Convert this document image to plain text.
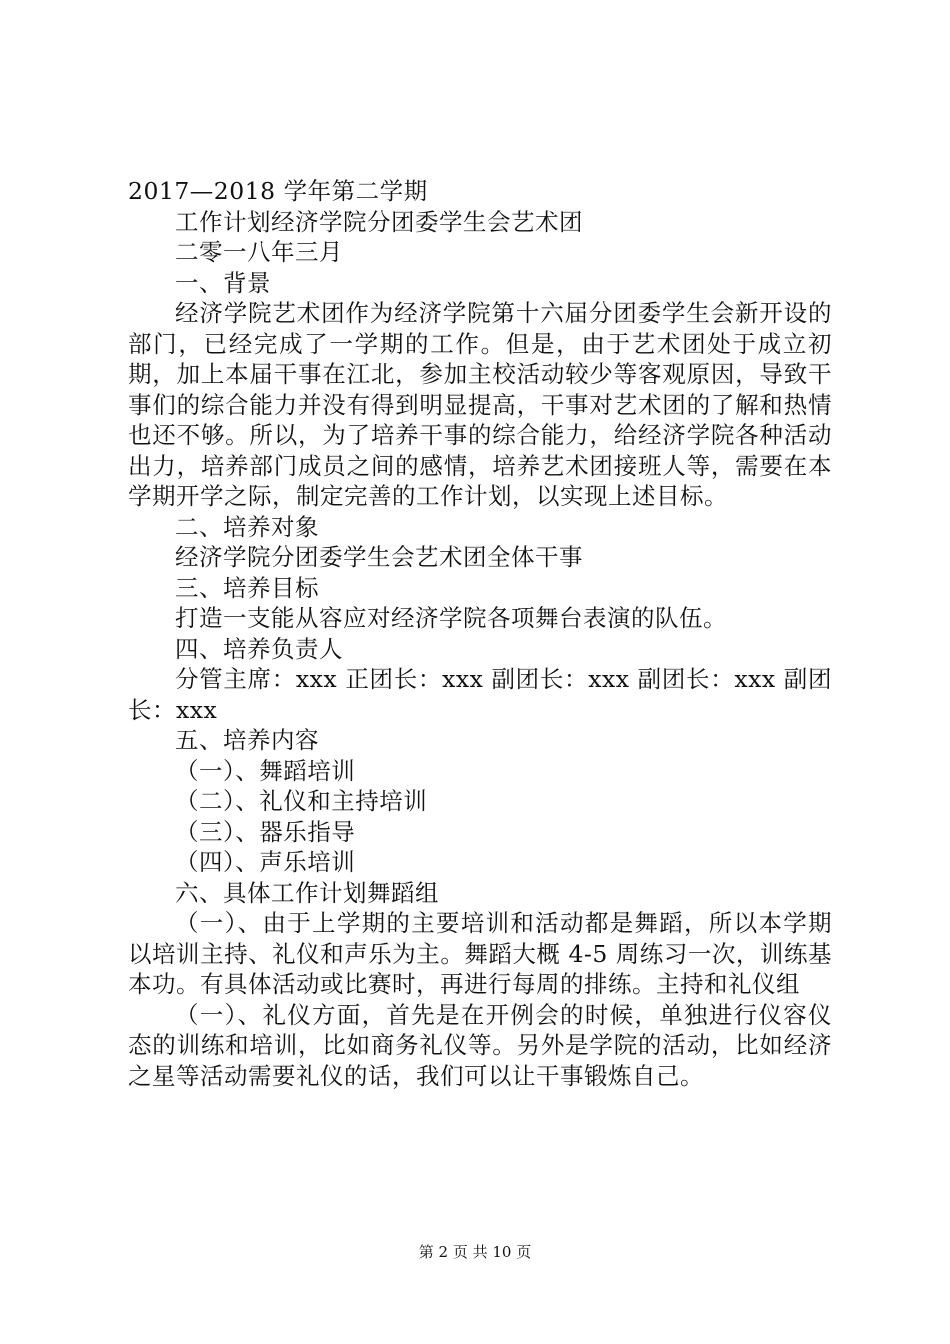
2017—2018 学年第二学期
工作计划经济学院分团委学生会艺术团
二零一八年三月
一、背景
经济学院艺术团作为经济学院第十六届分团委学生会新开设的部门，已经完成了一学期的工作。但是，由于艺术团处于成立初期，加上本届干事在江北，参加主校活动较少等客观原因，导致干事们的综合能力并没有得到明显提高，干事对艺术团的了解和热情也还不够。所以，为了培养干事的综合能力，给经济学院各种活动出力，培养部门成员之间的感情，培养艺术团接班人等，需要在本学期开学之际，制定完善的工作计划，以实现上述目标。
二、培养对象
经济学院分团委学生会艺术团全体干事
三、培养目标
打造一支能从容应对经济学院各项舞台表演的队伍。
四、培养负责人
分管主席：xxx 正团长：xxx 副团长：xxx 副团长：xxx 副团长：xxx
五、培养内容
（一）、舞蹈培训
（二）、礼仪和主持培训
（三）、器乐指导
（四）、声乐培训
六、具体工作计划舞蹈组
（一）、由于上学期的主要培训和活动都是舞蹈，所以本学期以培训主持、礼仪和声乐为主。舞蹈大概 4-5 周练习一次，训练基本功。有具体活动或比赛时，再进行每周的排练。主持和礼仪组
（一）、礼仪方面，首先是在开例会的时候，单独进行仪容仪态的训练和培训，比如商务礼仪等。另外是学院的活动，比如经济之星等活动需要礼仪的话，我们可以让干事锻炼自己。
第 2 页 共 10 页
